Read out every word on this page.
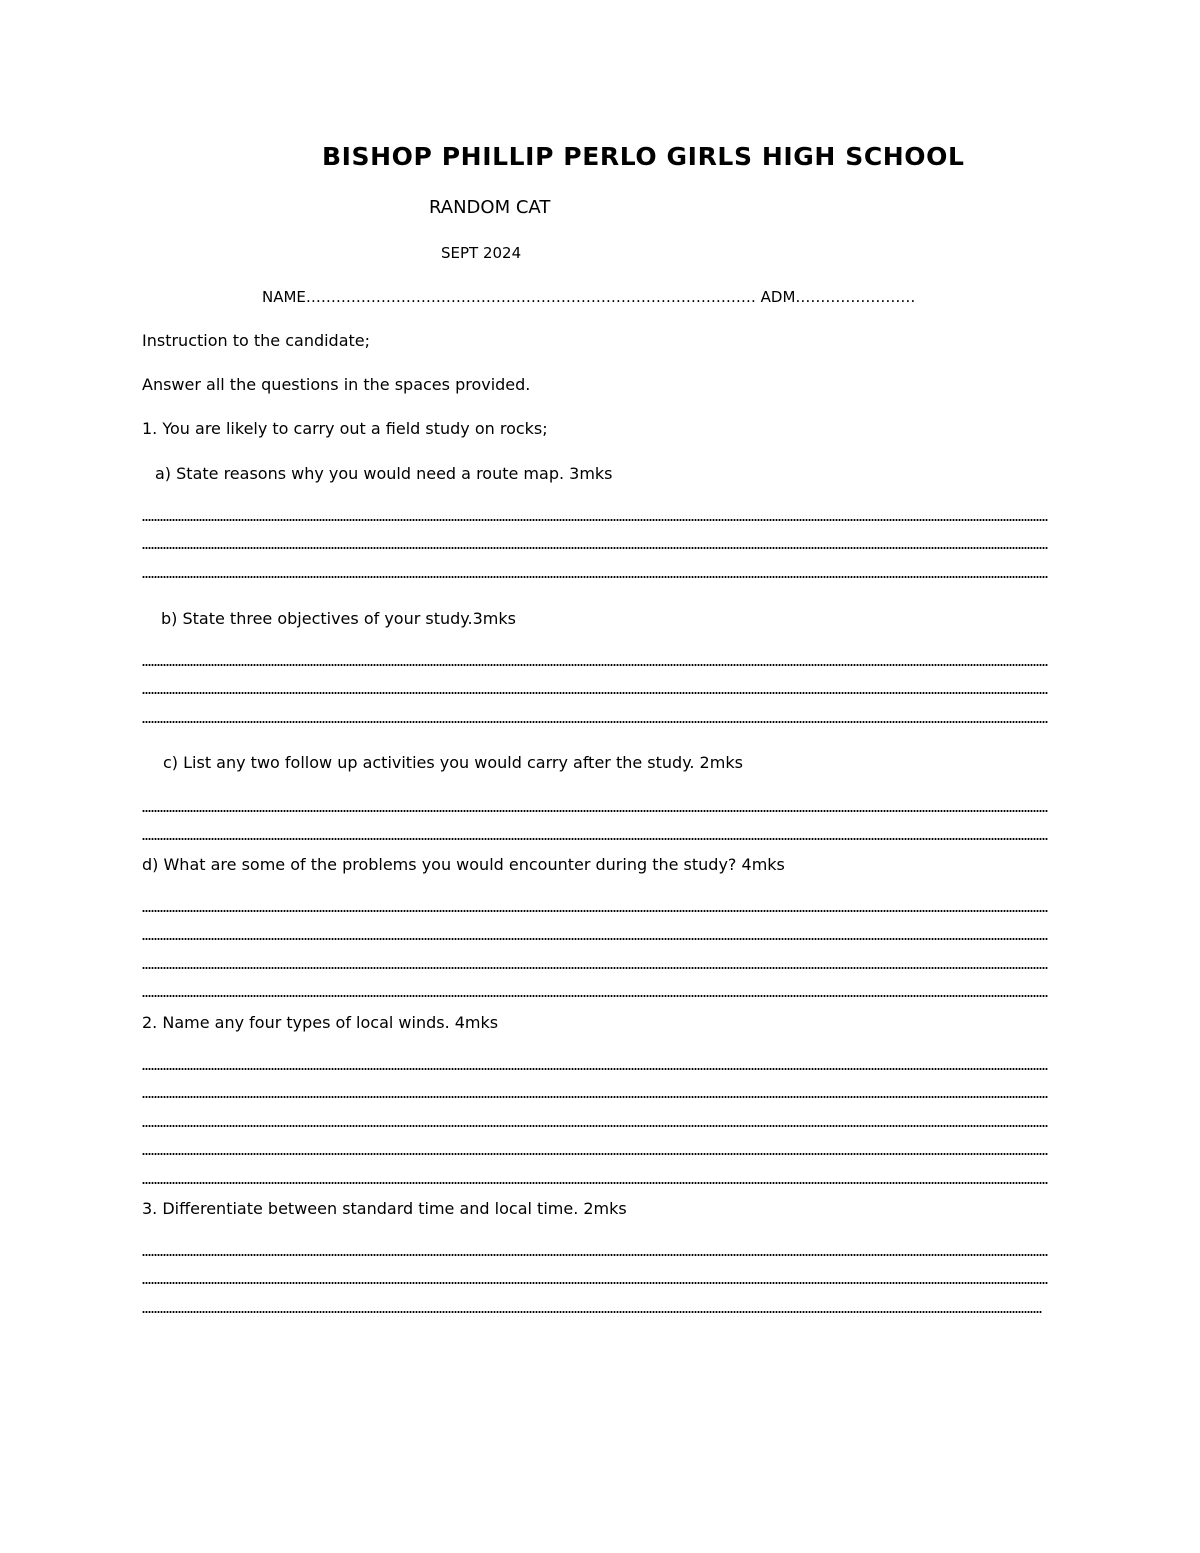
BISHOP PHILLIP PERLO GIRLS HIGH SCHOOL
RANDOM CAT
SEPT 2024
NAME……………………………………………………………………………… ADM……………………
Instruction to the candidate;
Answer all the questions in the spaces provided.
1. You are likely to carry out a field study on rocks;
a) State reasons why you would need a route map. 3mks
b) State three objectives of your study.3mks
c) List any two follow up activities you would carry after the study. 2mks
d) What are some of the problems you would encounter during the study? 4mks
2. Name any four types of local winds. 4mks
3. Differentiate between standard time and local time. 2mks
